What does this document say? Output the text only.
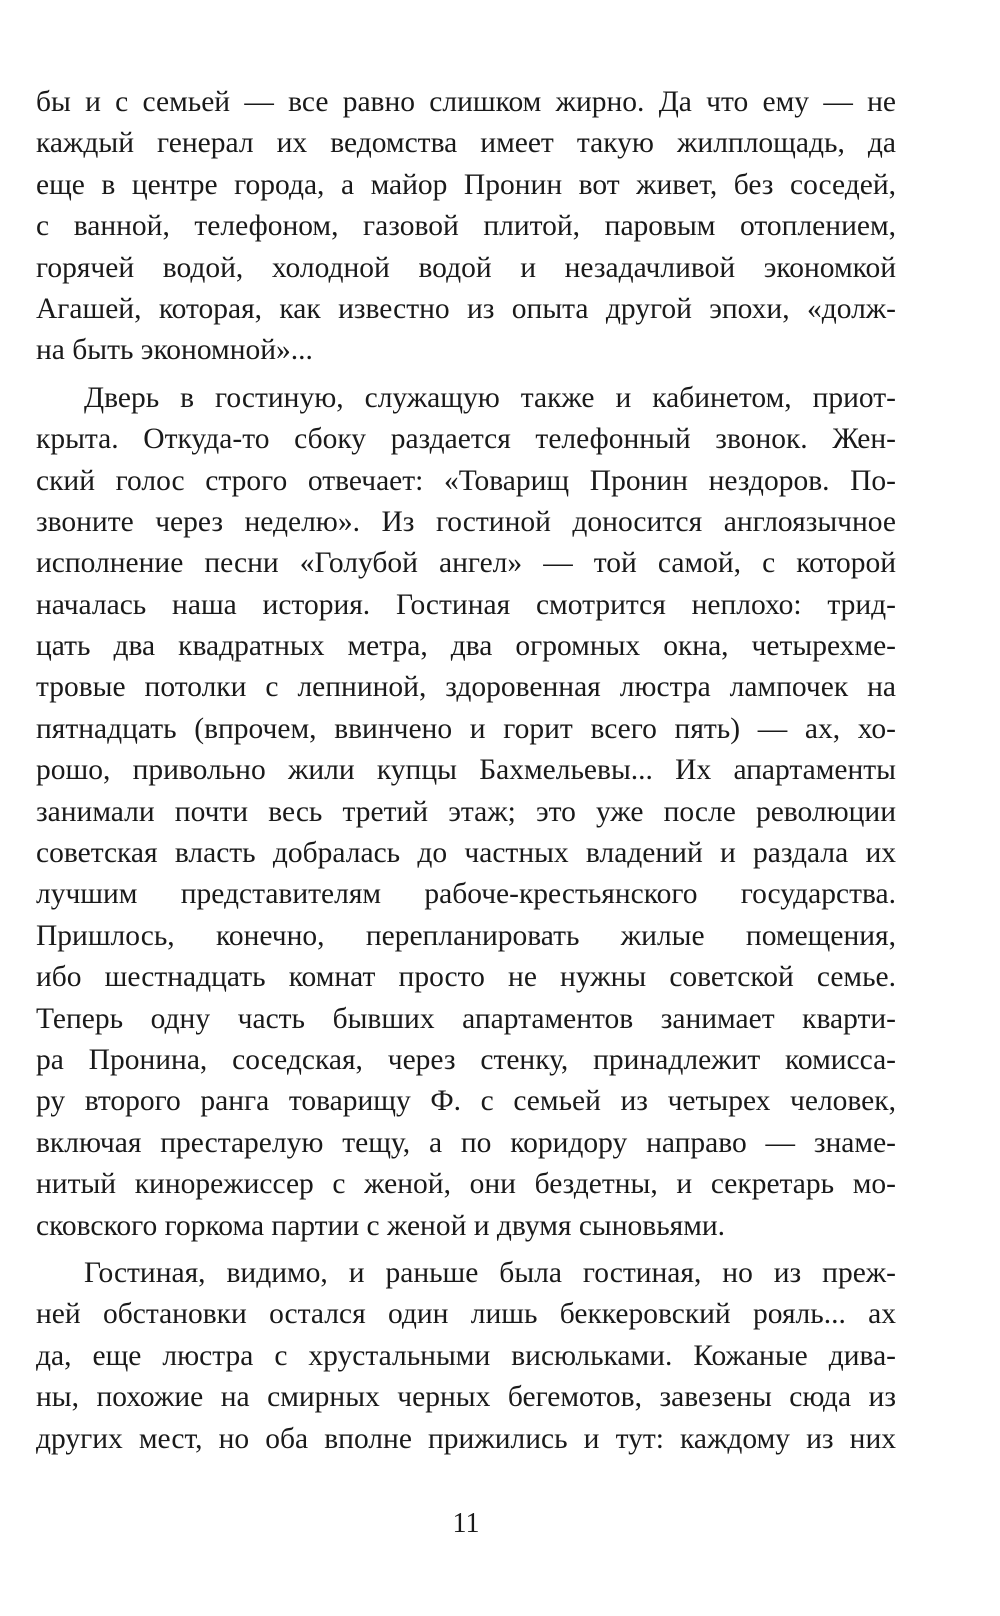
бы и с семьей — все равно слишком жирно. Да что ему — не
каждый генерал их ведомства имеет такую жилплощадь, да
еще в центре города, а майор Пронин вот живет, без соседей,
с ванной, телефоном, газовой плитой, паровым отоплением,
горячей водой, холодной водой и незадачливой экономкой
Агашей, которая, как известно из опыта другой эпохи, «долж-
на быть экономной»...
Дверь в гостиную, служащую также и кабинетом, приот-
крыта. Откуда-то сбоку раздается телефонный звонок. Жен-
ский голос строго отвечает: «Товарищ Пронин нездоров. По-
звоните через неделю». Из гостиной доносится англоязычное
исполнение песни «Голубой ангел» — той самой, с которой
началась наша история. Гостиная смотрится неплохо: трид-
цать два квадратных метра, два огромных окна, четырехме-
тровые потолки с лепниной, здоровенная люстра лампочек на
пятнадцать (впрочем, ввинчено и горит всего пять) — ах, хо-
рошо, привольно жили купцы Бахмельевы... Их апартаменты
занимали почти весь третий этаж; это уже после революции
советская власть добралась до частных владений и раздала их
лучшим представителям рабоче-крестьянского государства.
Пришлось, конечно, перепланировать жилые помещения,
ибо шестнадцать комнат просто не нужны советской семье.
Теперь одну часть бывших апартаментов занимает кварти-
ра Пронина, соседская, через стенку, принадлежит комисса-
ру второго ранга товарищу Ф. с семьей из четырех человек,
включая престарелую тещу, а по коридору направо — знаме-
нитый кинорежиссер с женой, они бездетны, и секретарь мо-
сковского горкома партии с женой и двумя сыновьями.
Гостиная, видимо, и раньше была гостиная, но из преж-
ней обстановки остался один лишь беккеровский рояль... ах
да, еще люстра с хрустальными висюльками. Кожаные дива-
ны, похожие на смирных черных бегемотов, завезены сюда из
других мест, но оба вполне прижились и тут: каждому из них
11
